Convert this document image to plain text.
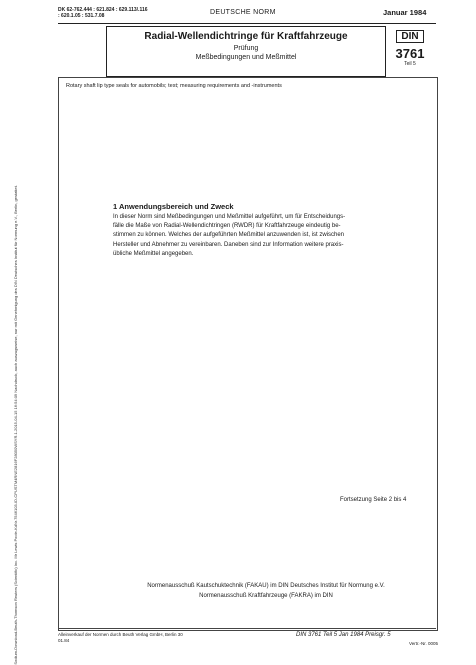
DK 62-762.444 : 621.824 : 629.113/.116
: 620.1.05 : 531.7.08	DEUTSCHE NORM	Januar 1984
Radial-Wellendichtringe für Kraftfahrzeuge
Prüfung
Meßbedingungen und Meßmittel
DIN
3761
Teil 5
Rotary shaft lip type seals for automobils; test; measuring requirements and -instruments
Sodium-Download-Beuth-Thomson Reuters (Scientific) Inc. Mr Lewis Poole-KdNr.7546103-ID-CPUSTM4RNE2816F28050WSYR.1-2015-04-15 16:54:09 Nachdruck, auch auszugsweise, nur mit Genehmigung des DIN Deutsches Institut für Normung e.V., Berlin, gestattet.	1 Anwendungsbereich und Zweck
In dieser Norm sind Meßbedingungen und Meßmittel aufgeführt, um für Entscheidungs-
fälle die Maße von Radial-Wellendichtringen (RWDR) für Kraftfahrzeuge eindeutig be-
stimmen zu können. Welches der aufgeführten Meßmittel anzuwenden ist, ist zwischen
Hersteller und Abnehmer zu vereinbaren. Daneben sind zur Information weitere praxis-
übliche Meßmittel angegeben.
Fortsetzung Seite 2 bis 4
Normenausschuß Kautschuktechnik (FAKAU) im DIN Deutsches Institut für Normung e.V.
Normenausschuß Kraftfahrzeuge (FAKRA) im DIN
Alleinverkauf der Normen durch Beuth Verlag GmbH, Berlin 30
01.84
DIN 3761 Teil 5 Jan 1984 Preisgr. 5
Vertr.-Nr. 0005
